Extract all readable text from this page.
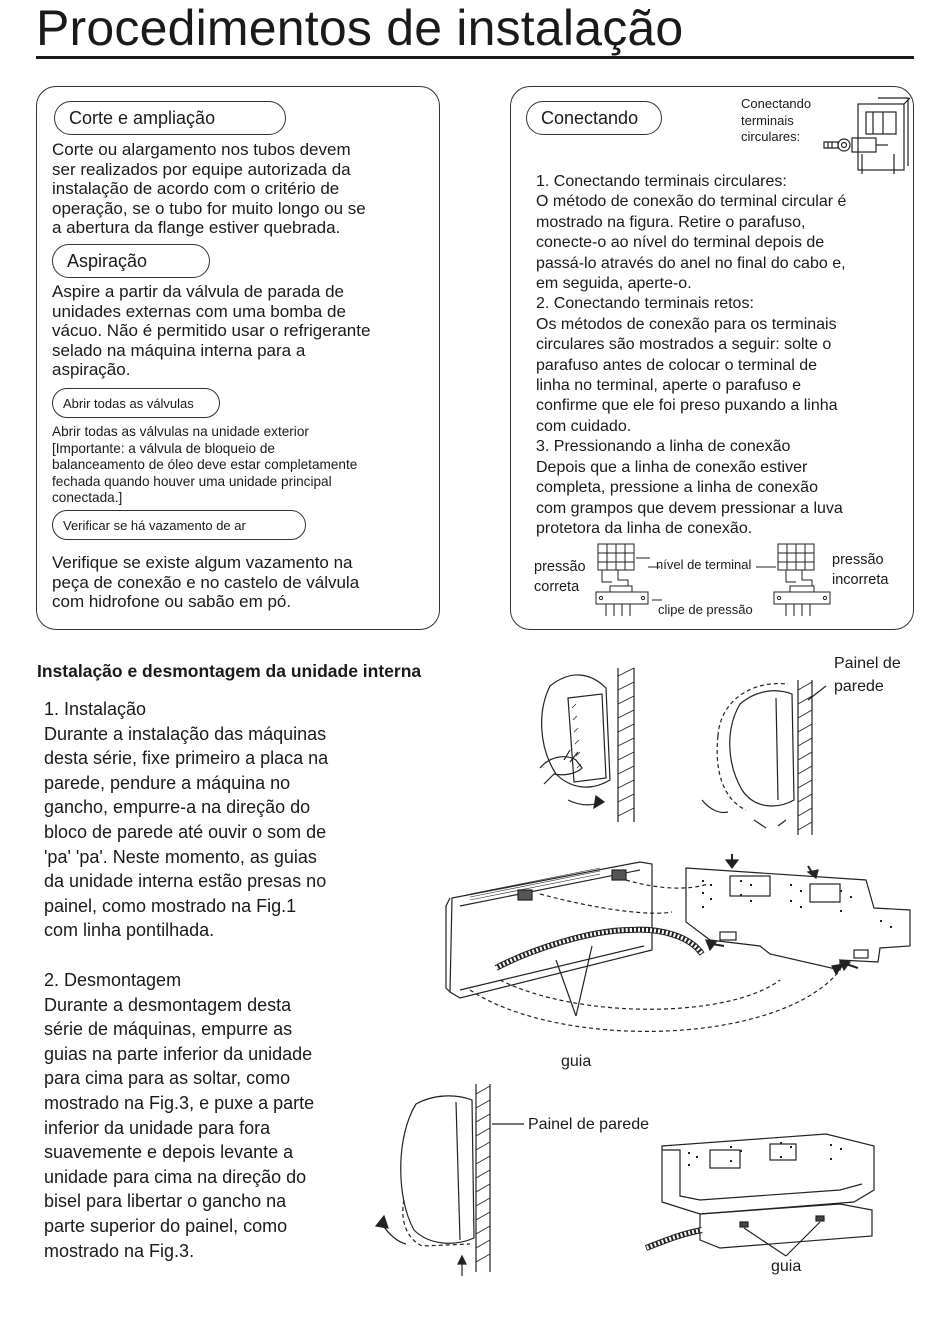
Procedimentos de instalação
Corte e ampliação
Corte ou alargamento nos tubos devem
ser realizados por equipe autorizada da
instalação de acordo com o critério de
operação, se o tubo for muito longo ou se
a abertura da flange estiver quebrada.
Aspiração
Aspire a partir da válvula de parada de
unidades externas com uma bomba de
vácuo. Não é permitido usar o refrigerante
selado na máquina interna para a
aspiração.
Abrir todas as válvulas
Abrir todas as válvulas na unidade exterior
[Importante: a válvula de bloqueio de
balanceamento de óleo deve estar completamente
fechada quando houver uma unidade principal
conectada.]
Verificar se há vazamento de ar
Verifique se existe algum vazamento na
peça de conexão e no castelo de válvula
com hidrofone ou sabão em pó.
Conectando
Conectando
terminais
circulares:
1. Conectando terminais circulares:
O método de conexão do terminal circular é
mostrado na figura. Retire o parafuso,
conecte-o ao nível do terminal depois de
passá-lo através do anel no final do cabo e,
em seguida, aperte-o.
2. Conectando terminais retos:
Os métodos de conexão para os terminais
circulares são mostrados a seguir: solte o
parafuso antes de colocar o terminal de
linha no terminal, aperte o parafuso e
confirme que ele foi preso puxando a linha
com cuidado.
3. Pressionando a linha de conexão
Depois que a linha de conexão estiver
completa, pressione a linha de conexão
com grampos que devem pressionar a luva
protetora da linha de conexão.
pressão
correta
nível de terminal	pressão
incorreta
clipe de pressão
Instalação e desmontagem da unidade interna
1. Instalação
Durante a instalação das máquinas
desta série, fixe primeiro a placa na
parede, pendure a máquina no
gancho, empurre-a na direção do
bloco de parede até ouvir o som de
'pa' 'pa'. Neste momento, as guias
da unidade interna estão presas no
painel, como mostrado na Fig.1
com linha pontilhada.
2. Desmontagem
Durante a desmontagem desta
série de máquinas, empurre as
guias na parte inferior da unidade
para cima para as soltar, como
mostrado na Fig.3, e puxe a parte
inferior da unidade para fora
suavemente e depois levante a
unidade para cima na direção do
bisel para libertar o gancho na
parte superior do painel, como
mostrado na Fig.3.
Painel de
parede
guia
Painel de parede
guia
